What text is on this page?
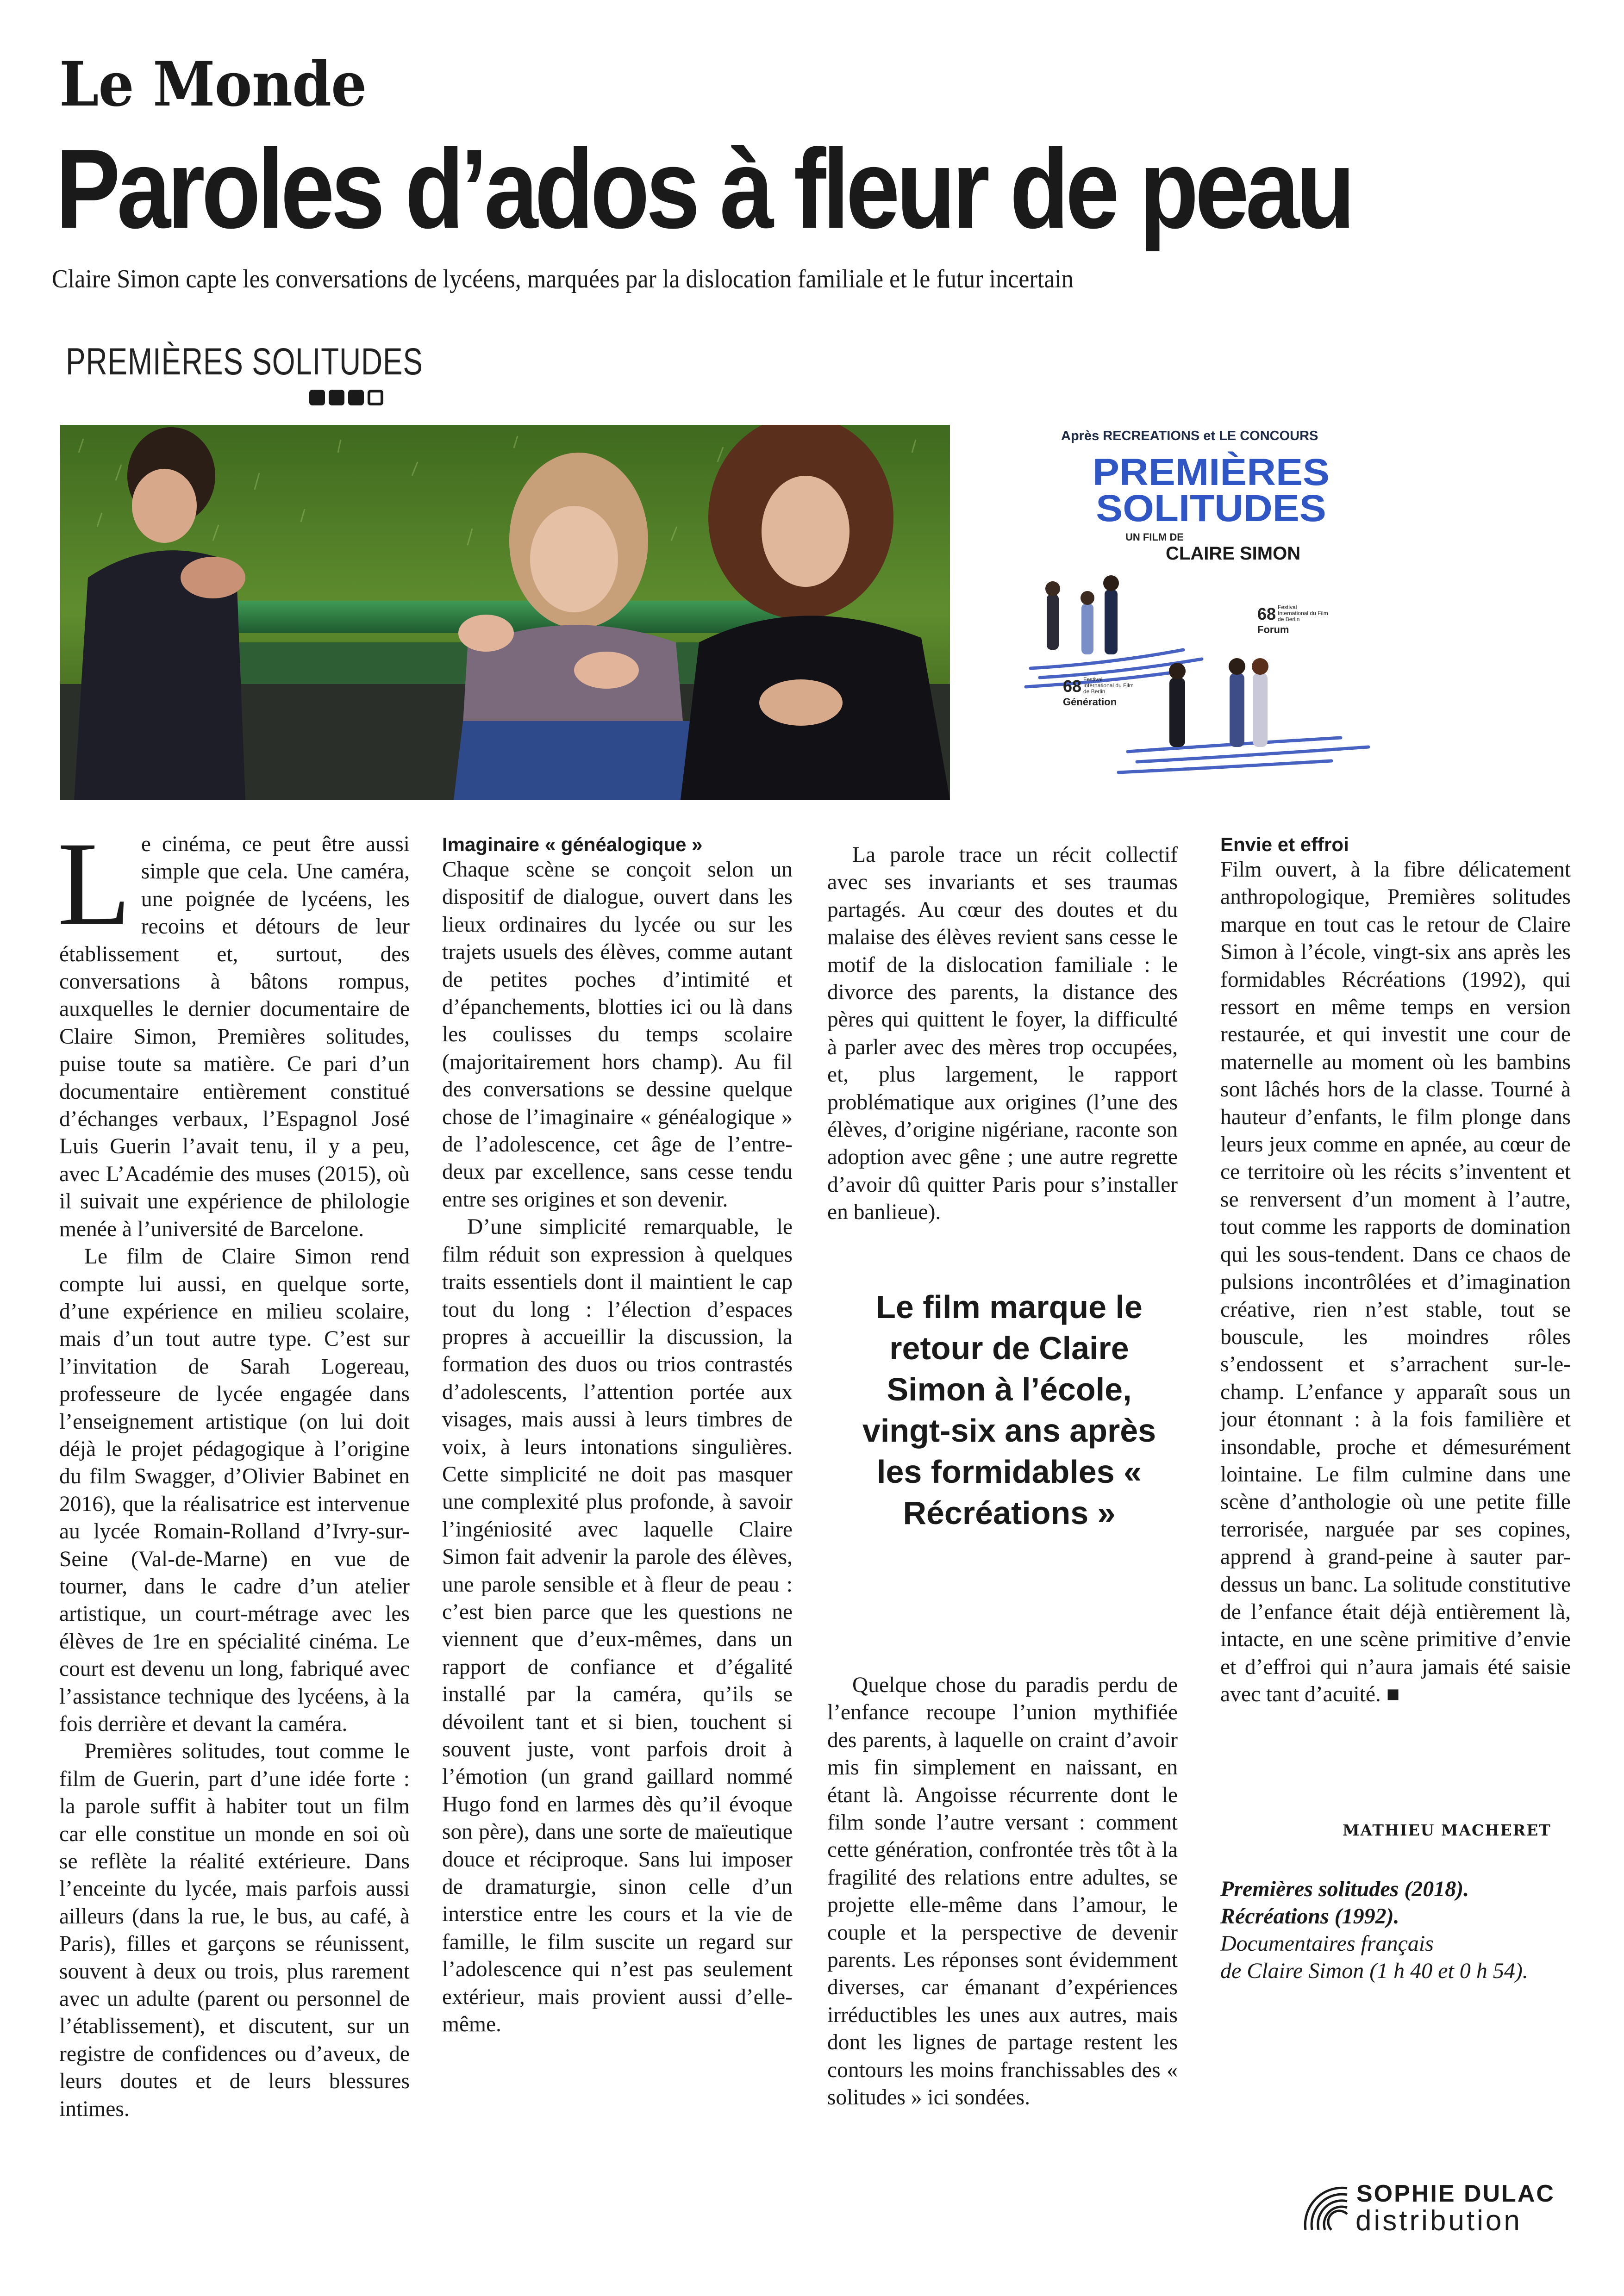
Le Monde
Paroles d’ados à fleur de peau
Claire Simon capte les conversations de lycéens, marquées par la dislocation familiale et le futur incertain
PREMIÈRES SOLITUDES
Après RECREATIONS et LE CONCOURS
PREMIÈRES
SOLITUDES
UN FILM DE
CLAIRE SIMON
68 Festival International du Film de Berlin
Forum
68 Festival International du Film de Berlin
Génération

Le cinéma, ce peut être aussi simple que cela. Une caméra, une poignée de lycéens, les recoins et détours de leur établissement et, surtout, des conversations à bâtons rompus, auxquelles le dernier documentaire de Claire Simon, Premières solitudes, puise toute sa matière. Ce pari d’un documentaire entièrement constitué d’échanges verbaux, l’Espagnol José Luis Guerin l’avait tenu, il y a peu, avec L’Académie des muses (2015), où il suivait une expérience de philologie menée à l’université de Barcelone.

Le film de Claire Simon rend compte lui aussi, en quelque sorte, d’une expérience en milieu scolaire, mais d’un tout autre type. C’est sur l’invitation de Sarah Logereau, professeure de lycée engagée dans l’enseignement artistique (on lui doit déjà le projet pédagogique à l’origine du film Swagger, d’Olivier Babinet en 2016), que la réalisatrice est intervenue au lycée Romain-Rolland d’Ivry-sur-Seine (Val-de-Marne) en vue de tourner, dans le cadre d’un atelier artistique, un court-métrage avec les élèves de 1re en spécialité cinéma. Le court est devenu un long, fabriqué avec l’assistance technique des lycéens, à la fois derrière et devant la caméra.

Premières solitudes, tout comme le film de Guerin, part d’une idée forte : la parole suffit à habiter tout un film car elle constitue un monde en soi où se reflète la réalité extérieure. Dans l’enceinte du lycée, mais parfois aussi ailleurs (dans la rue, le bus, au café, à Paris), filles et garçons se réunissent, souvent à deux ou trois, plus rarement avec un adulte (parent ou personnel de l’établissement), et discutent, sur un registre de confidences ou d’aveux, de leurs doutes et de leurs blessures intimes.

Imaginaire « généalogique »

Chaque scène se conçoit selon un dispositif de dialogue, ouvert dans les lieux ordinaires du lycée ou sur les trajets usuels des élèves, comme autant de petites poches d’intimité et d’épanchements, blotties ici ou là dans les coulisses du temps scolaire (majoritairement hors champ). Au fil des conversations se dessine quelque chose de l’imaginaire « généalogique » de l’adolescence, cet âge de l’entre-deux par excellence, sans cesse tendu entre ses origines et son devenir.

D’une simplicité remarquable, le film réduit son expression à quelques traits essentiels dont il maintient le cap tout du long : l’élection d’espaces propres à accueillir la discussion, la formation des duos ou trios contrastés d’adolescents, l’attention portée aux visages, mais aussi à leurs timbres de voix, à leurs intonations singulières. Cette simplicité ne doit pas masquer une complexité plus profonde, à savoir l’ingéniosité avec laquelle Claire Simon fait advenir la parole des élèves, une parole sensible et à fleur de peau : c’est bien parce que les questions ne viennent que d’eux-mêmes, dans un rapport de confiance et d’égalité installé par la caméra, qu’ils se dévoilent tant et si bien, touchent si souvent juste, vont parfois droit à l’émotion (un grand gaillard nommé Hugo fond en larmes dès qu’il évoque son père), dans une sorte de maïeutique douce et réciproque. Sans lui imposer de dramaturgie, sinon celle d’un interstice entre les cours et la vie de famille, le film suscite un regard sur l’adolescence qui n’est pas seulement extérieur, mais provient aussi d’elle-même.

La parole trace un récit collectif avec ses invariants et ses traumas partagés. Au cœur des doutes et du malaise des élèves revient sans cesse le motif de la dislocation familiale : le divorce des parents, la distance des pères qui quittent le foyer, la difficulté à parler avec des mères trop occupées, et, plus largement, le rapport problématique aux origines (l’une des élèves, d’origine nigériane, raconte son adoption avec gêne ; une autre regrette d’avoir dû quitter Paris pour s’installer en banlieue).

Le film marque le retour de Claire Simon à l’école, vingt-six ans après les formidables « Récréations »

Quelque chose du paradis perdu de l’enfance recoupe l’union mythifiée des parents, à laquelle on craint d’avoir mis fin simplement en naissant, en étant là. Angoisse récurrente dont le film sonde l’autre versant : comment cette génération, confrontée très tôt à la fragilité des relations entre adultes, se projette elle-même dans l’amour, le couple et la perspective de devenir parents. Les réponses sont évidemment diverses, car émanant d’expériences irréductibles les unes aux autres, mais dont les lignes de partage restent les contours les moins franchissables des « solitudes » ici sondées.

Envie et effroi

Film ouvert, à la fibre délicatement anthropologique, Premières solitudes marque en tout cas le retour de Claire Simon à l’école, vingt-six ans après les formidables Récréations (1992), qui ressort en même temps en version restaurée, et qui investit une cour de maternelle au moment où les bambins sont lâchés hors de la classe. Tourné à hauteur d’enfants, le film plonge dans leurs jeux comme en apnée, au cœur de ce territoire où les récits s’inventent et se renversent d’un moment à l’autre, tout comme les rapports de domination qui les sous-tendent. Dans ce chaos de pulsions incontrôlées et d’imagination créative, rien n’est stable, tout se bouscule, les moindres rôles s’endossent et s’arrachent sur-le-champ. L’enfance y apparaît sous un jour étonnant : à la fois familière et insondable, proche et démesurément lointaine. Le film culmine dans une scène d’anthologie où une petite fille terrorisée, narguée par ses copines, apprend à grand-peine à sauter par-dessus un banc. La solitude constitutive de l’enfance était déjà entièrement là, intacte, en une scène primitive d’envie et d’effroi qui n’aura jamais été saisie avec tant d’acuité. ■

MATHIEU MACHERET
Premières solitudes (2018).
Récréations (1992).
Documentaires français
de Claire Simon (1 h 40 et 0 h 54).
SOPHIE DULAC
distribution
